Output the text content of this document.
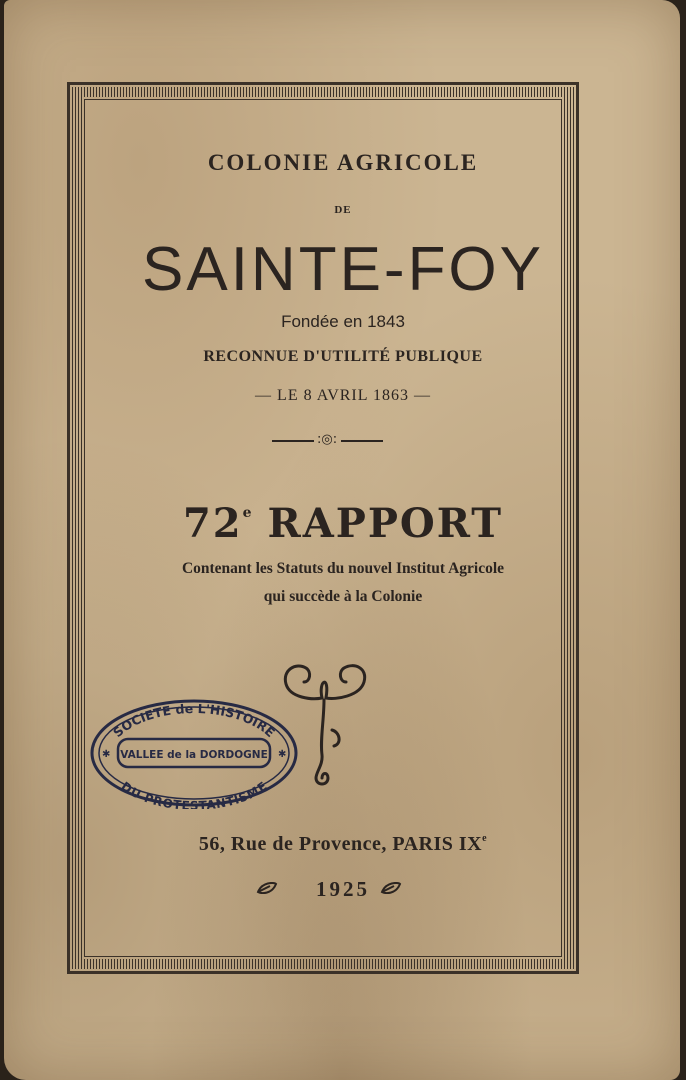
COLONIE AGRICOLE
DE
SAINTE-FOY
Fondée en 1843
RECONNUE D'UTILITÉ PUBLIQUE
— LE 8 AVRIL 1863 —
:◎:
72e RAPPORT
Contenant les Statuts du nouvel Institut Agricole
qui succède à la Colonie
SOCIETE de L'HISTOIRE
VALLEE de la DORDOGNE
DU PROTESTANTISME
✱	✱
56, Rue de Provence, PARIS IXe
1925
